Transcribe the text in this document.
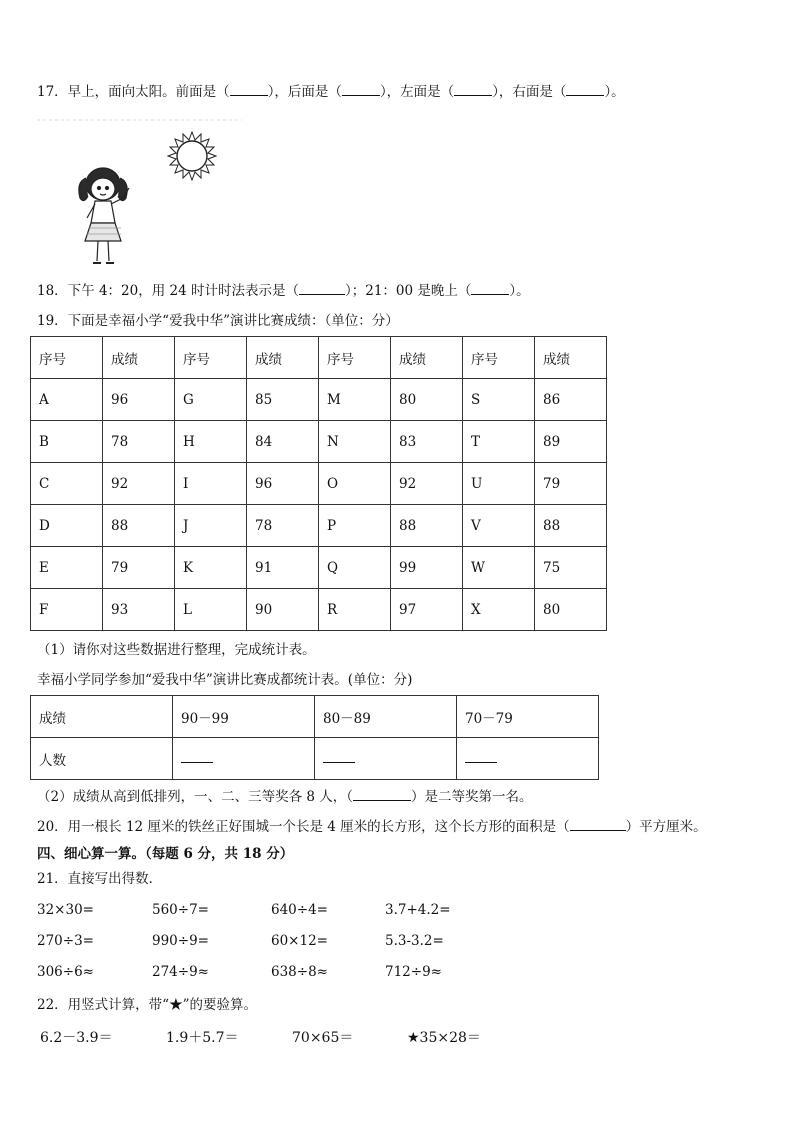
17．早上，面向太阳。前面是（	），后面是（	），左面是（	），右面是（	）。
18．下午 4：20，用 24 时计时法表示是（	）；21：00 是晚上（	）。
19．下面是幸福小学“爱我中华”演讲比赛成绩：（单位：分）
序号	成绩	序号	成绩	序号	成绩	序号	成绩
A	96	G	85	M	80	S	86
B	78	H	84	N	83	T	89
C	92	I	96	O	92	U	79
D	88	J	78	P	88	V	88
E	79	K	91	Q	99	W	75
F	93	L	90	R	97	X	80
（1）请你对这些数据进行整理，完成统计表。
幸福小学同学参加“爱我中华”演讲比赛成都统计表。(单位：分)
成绩	90－99	80－89	70－79
人数			
（2）成绩从高到低排列，一、二、三等奖各 8 人，（	）是二等奖第一名。
20．用一根长 12 厘米的铁丝正好围城一个长是 4 厘米的长方形，这个长方形的面积是（	）平方厘米。
四、细心算一算。（每题 6 分，共 18 分）
21．直接写出得数．
32×30=	560÷7=	640÷4=	3.7+4.2=
270÷3=	990÷9=	60×12=	5.3-3.2=
306÷6≈	274÷9≈	638÷8≈	712÷9≈
22．用竖式计算，带“★”的要验算。
6.2－3.9＝	1.9＋5.7＝	70×65＝	★35×28＝
